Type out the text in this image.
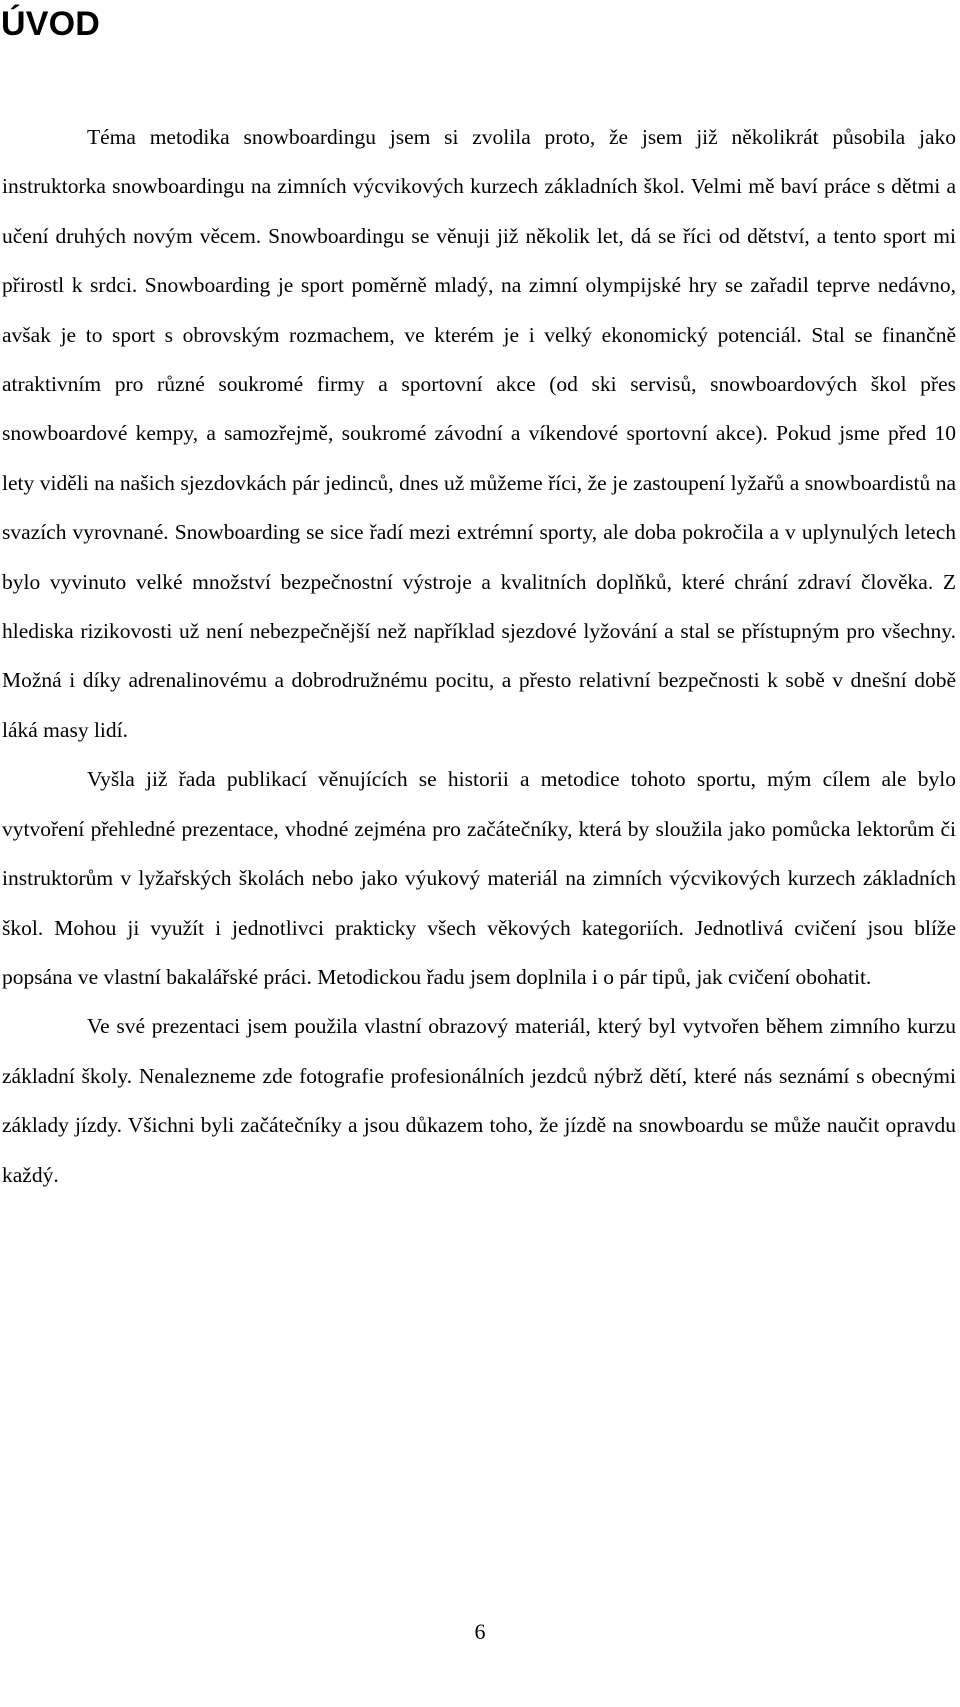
ÚVOD

Téma metodika snowboardingu jsem si zvolila proto, že jsem již několikrát působila jako instruktorka snowboardingu na zimních výcvikových kurzech základních škol. Velmi mě baví práce s dětmi a učení druhých novým věcem. Snowboardingu se věnuji již několik let, dá se říci od dětství, a tento sport mi přirostl k srdci. Snowboarding je sport poměrně mladý, na zimní olympijské hry se zařadil teprve nedávno, avšak je to sport s obrovským rozmachem, ve kterém je i velký ekonomický potenciál. Stal se finančně atraktivním pro různé soukromé firmy a sportovní akce (od ski servisů, snowboardových škol přes snowboardové kempy, a samozřejmě, soukromé závodní a víkendové sportovní akce). Pokud jsme před 10 lety viděli na našich sjezdovkách pár jedinců, dnes už můžeme říci, že je zastoupení lyžařů a snowboardistů na svazích vyrovnané. Snowboarding se sice řadí mezi extrémní sporty, ale doba pokročila a v uplynulých letech bylo vyvinuto velké množství bezpečnostní výstroje a kvalitních doplňků, které chrání zdraví člověka. Z hlediska rizikovosti už není nebezpečnější než například sjezdové lyžování a stal se přístupným pro všechny. Možná i díky adrenalinovému a dobrodružnému pocitu, a přesto relativní bezpečnosti k sobě v dnešní době láká masy lidí.

Vyšla již řada publikací věnujících se historii a metodice tohoto sportu, mým cílem ale bylo vytvoření přehledné prezentace, vhodné zejména pro začátečníky, která by sloužila jako pomůcka lektorům či instruktorům v lyžařských školách nebo jako výukový materiál na zimních výcvikových kurzech základních škol. Mohou ji využít i jednotlivci prakticky všech věkových kategoriích. Jednotlivá cvičení jsou blíže popsána ve vlastní bakalářské práci. Metodickou řadu jsem doplnila i o pár tipů, jak cvičení obohatit.

Ve své prezentaci jsem použila vlastní obrazový materiál, který byl vytvořen během zimního kurzu základní školy. Nenalezneme zde fotografie profesionálních jezdců nýbrž dětí, které nás seznámí s obecnými základy jízdy. Všichni byli začátečníky a jsou důkazem toho, že jízdě na snowboardu se může naučit opravdu každý.

6
